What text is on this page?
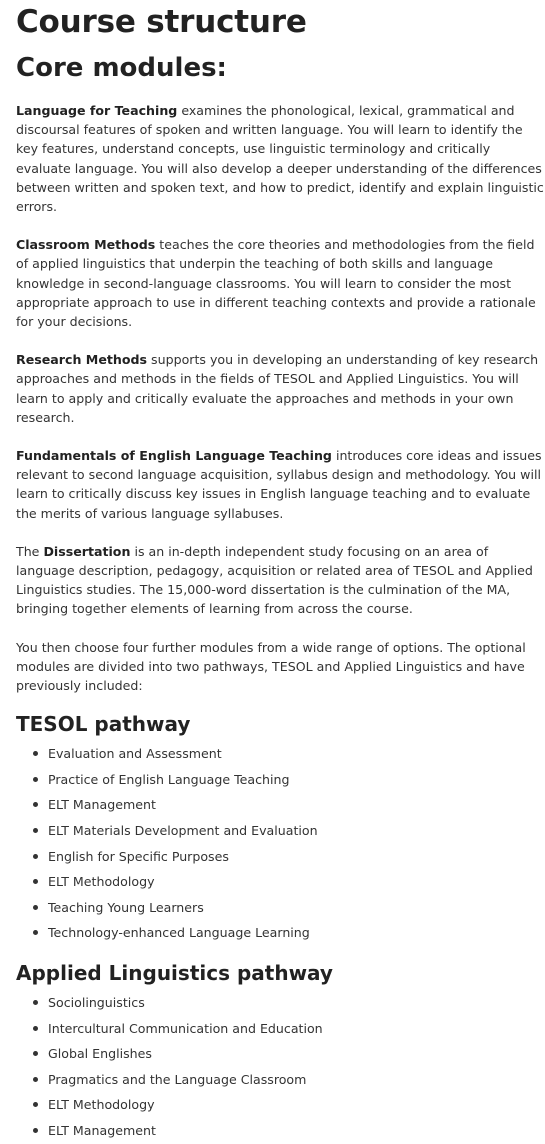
Course structure
Core modules:

Language for Teaching examines the phonological, lexical, grammatical and discoursal features of spoken and written language. You will learn to identify the key features, understand concepts, use linguistic terminology and critically evaluate language. You will also develop a deeper understanding of the differences between written and spoken text, and how to predict, identify and explain linguistic errors.

Classroom Methods teaches the core theories and methodologies from the field of applied linguistics that underpin the teaching of both skills and language knowledge in second-language classrooms. You will learn to consider the most appropriate approach to use in different teaching contexts and provide a rationale for your decisions.

Research Methods supports you in developing an understanding of key research approaches and methods in the fields of TESOL and Applied Linguistics. You will learn to apply and critically evaluate the approaches and methods in your own research.

Fundamentals of English Language Teaching introduces core ideas and issues relevant to second language acquisition, syllabus design and methodology. You will learn to critically discuss key issues in English language teaching and to evaluate the merits of various language syllabuses.

The Dissertation is an in-depth independent study focusing on an area of language description, pedagogy, acquisition or related area of TESOL and Applied Linguistics studies. The 15,000-word dissertation is the culmination of the MA, bringing together elements of learning from across the course.

You then choose four further modules from a wide range of options. The optional modules are divided into two pathways, TESOL and Applied Linguistics and have previously included:

TESOL pathway
Evaluation and Assessment
Practice of English Language Teaching
ELT Management
ELT Materials Development and Evaluation
English for Specific Purposes
ELT Methodology
Teaching Young Learners
Technology-enhanced Language Learning
Applied Linguistics pathway
Sociolinguistics
Intercultural Communication and Education
Global Englishes
Pragmatics and the Language Classroom
ELT Methodology
ELT Management
